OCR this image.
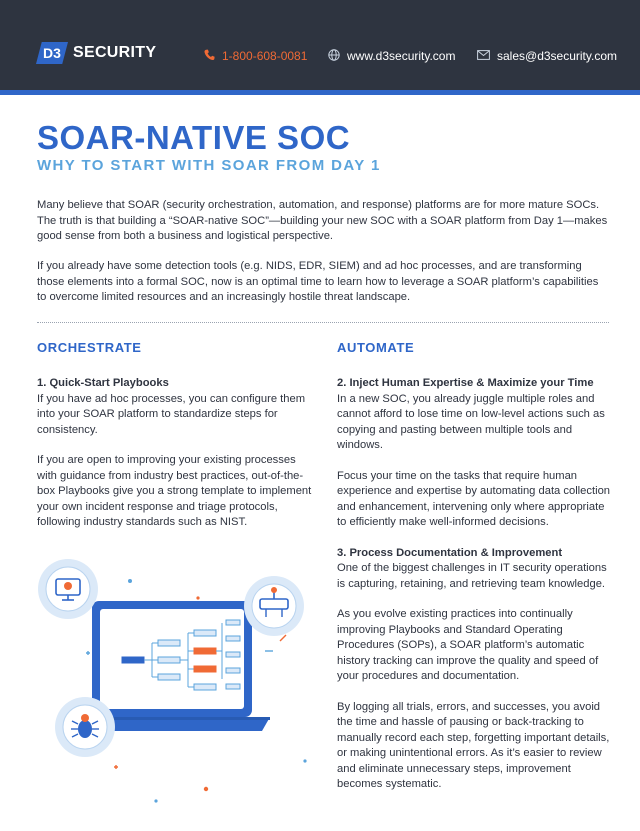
D3 SECURITY	1-800-608-0081	www.d3security.com	sales@d3security.com
SOAR-NATIVE SOC
WHY TO START WITH SOAR FROM DAY 1

Many believe that SOAR (security orchestration, automation, and response) platforms are for more mature SOCs. The truth is that building a “SOAR-native SOC”—building your new SOC with a SOAR platform from Day 1—makes good sense from both a business and logistical perspective.

If you already have some detection tools (e.g. NIDS, EDR, SIEM) and ad hoc processes, and are transforming those elements into a formal SOC, now is an optimal time to learn how to leverage a SOAR platform’s capabilities to overcome limited resources and an increasingly hostile threat landscape.

ORCHESTRATE

1. Quick-Start Playbooks

If you have ad hoc processes, you can configure them into your SOAR platform to standardize steps for consistency.

If you are open to improving your existing processes with guidance from industry best practices, out-of-the-box Playbooks give you a strong template to implement your own incident response and triage protocols, following industry standards such as NIST.

AUTOMATE

2. Inject Human Expertise & Maximize your Time

In a new SOC, you already juggle multiple roles and cannot afford to lose time on low-level actions such as copying and pasting between multiple tools and windows.

Focus your time on the tasks that require human experience and expertise by automating data collection and enhancement, intervening only where appropriate to efficiently make well-informed decisions.

3. Process Documentation & Improvement

One of the biggest challenges in IT security operations is capturing, retaining, and retrieving team knowledge.

As you evolve existing practices into continually improving Playbooks and Standard Operating Procedures (SOPs), a SOAR platform’s automatic history tracking can improve the quality and speed of your procedures and documentation.

By logging all trials, errors, and successes, you avoid the time and hassle of pausing or back-tracking to manually record each step, forgetting important details, or making unintentional errors. As it’s easier to review and eliminate unnecessary steps, improvement becomes systematic.
